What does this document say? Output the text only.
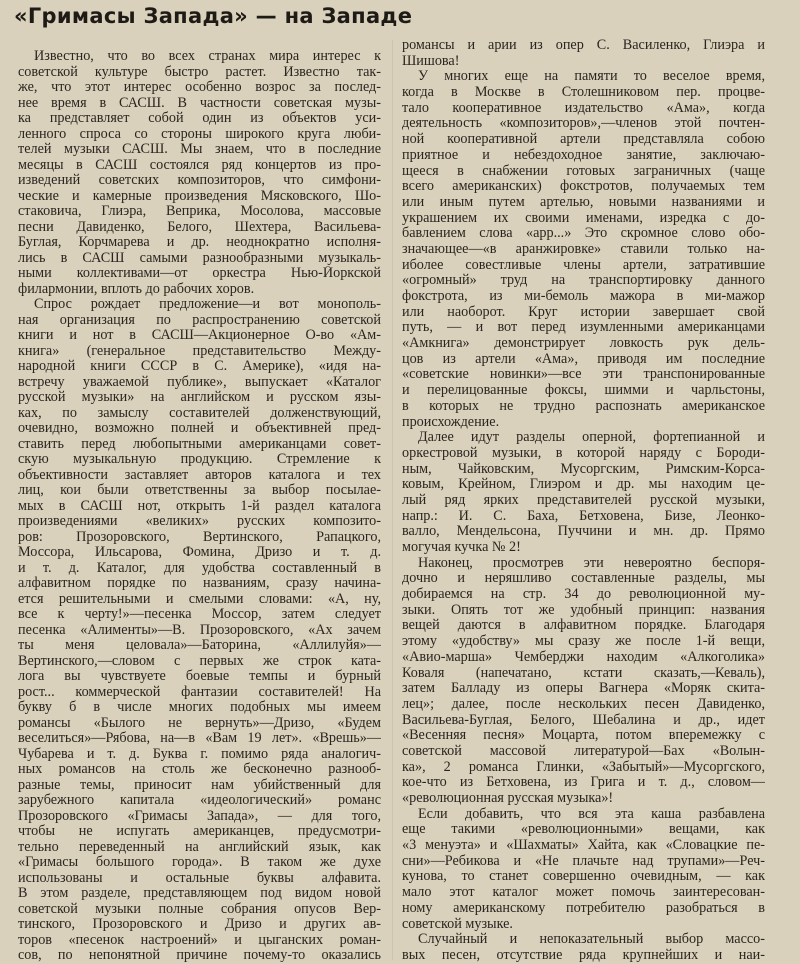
«Гримасы Запада» — на Западе
Известно, что во всех странах мира интерес к
советской культуре быстро растет. Известно так-
же, что этот интерес особенно возрос за послед-
нее время в САСШ. В частности советская музы-
ка представляет собой один из объектов уси-
ленного спроса со стороны широкого круга люби-
телей музыки САСШ. Мы знаем, что в последние
месяцы в САСШ состоялся ряд концертов из про-
изведений советских композиторов, что симфони-
ческие и камерные произведения Мясковского, Шо-
стаковича, Глиэра, Веприка, Мосолова, массовые
песни Давиденко, Белого, Шехтера, Васильева-
Буглая, Корчмарева и др. неоднократно исполня-
лись в САСШ самыми разнообразными музыкаль-
ными коллективами—от оркестра Нью-Йоркской
филармонии, вплоть до рабочих хоров.
Спрос рождает предложение—и вот монополь-
ная организация по распространению советской
книги и нот в САСШ—Акционерное О-во «Ам-
книга» (генеральное представительство Между-
народной книги СССР в С. Америке), «идя на-
встречу уважаемой публике», выпускает «Каталог
русской музыки» на английском и русском язы-
ках, по замыслу составителей долженствующий,
очевидно, возможно полней и объективней пред-
ставить перед любопытными американцами совет-
скую музыкальную продукцию. Стремление к
объективности заставляет авторов каталога и тех
лиц, кои были ответственны за выбор посылае-
мых в САСШ нот, открыть 1-й раздел каталога
произведениями «великих» русских композито-
ров: Прозоровского, Вертинского, Рапацкого,
Моссора, Ильсарова, Фомина, Дризо и т. д.
и т. д. Каталог, для удобства составленный в
алфавитном порядке по названиям, сразу начина-
ется решительными и смелыми словами: «А, ну,
все к черту!»—песенка Моссор, затем следует
песенка «Алименты»—В. Прозоровского, «Ах зачем
ты меня целовала»—Баторина, «Аллилуйя»—
Вертинского,—словом с первых же строк ката-
лога вы чувствуете боевые темпы и бурный
рост... коммерческой фантазии составителей! На
букву б в числе многих подобных мы имеем
романсы «Былого не вернуть»—Дризо, «Будем
веселиться»—Рябова, на—в «Вам 19 лет». «Врешь»—
Чубарева и т. д. Буква г. помимо ряда аналогич-
ных романсов на столь же бесконечно разнооб-
разные темы, приносит нам убийственный для
зарубежного капитала «идеологический» романс
Прозоровского «Гримасы Запада», — для того,
чтобы не испугать американцев, предусмотри-
тельно переведенный на английский язык, как
«Гримасы большого города». В таком же духе
использованы и остальные буквы алфавита.
В этом разделе, представляющем под видом новой
советской музыки полные собрания опусов Вер-
тинского, Прозоровского и Дризо и других ав-
торов «песенок настроений» и цыганских роман-
сов, по непонятной причине почему-то оказались
романсы и арии из опер С. Василенко, Глиэра и
Шишова!
У многих еще на памяти то веселое время,
когда в Москве в Столешниковом пер. процве-
тало кооперативное издательство «Ама», когда
деятельность «композиторов»,—членов этой почтен-
ной кооперативной артели представляла собою
приятное и небездоходное занятие, заключаю-
щееся в снабжении готовых заграничных (чаще
всего американских) фокстротов, получаемых тем
или иным путем артелью, новыми названиями и
украшением их своими именами, изредка с до-
бавлением слова «арр...» Это скромное слово обо-
значающее—«в аранжировке» ставили только на-
иболее совестливые члены артели, затратившие
«огромный» труд на транспортировку данного
фокстрота, из ми-бемоль мажора в ми-мажор
или наоборот. Круг истории завершает свой
путь, — и вот перед изумленными американцами
«Амкнига» демонстрирует ловкость рук дель-
цов из артели «Ама», приводя им последние
«советские новинки»—все эти транспонированные
и перелицованные фоксы, шимми и чарльстоны,
в которых не трудно распознать американское
происхождение.
Далее идут разделы оперной, фортепианной и
оркестровой музыки, в которой наряду с Бороди-
ным, Чайковским, Мусоргским, Римским-Корса-
ковым, Крейном, Глиэром и др. мы находим це-
лый ряд ярких представителей русской музыки,
напр.: И. С. Баха, Бетховена, Бизе, Леонко-
валло, Мендельсона, Пуччини и мн. др. Прямо
могучая кучка № 2!
Наконец, просмотрев эти невероятно беспоря-
дочно и неряшливо составленные разделы, мы
добираемся на стр. 34 до революционной му-
зыки. Опять тот же удобный принцип: названия
вещей даются в алфавитном порядке. Благодаря
этому «удобству» мы сразу же после 1-й вещи,
«Авио-марша» Чемберджи находим «Алкоголика»
Коваля (напечатано, кстати сказать,—Кеваль),
затем Балладу из оперы Вагнера «Моряк скита-
лец»; далее, после нескольких песен Давиденко,
Васильева-Буглая, Белого, Шебалина и др., идет
«Весенняя песня» Моцарта, потом вперемежку с
советской массовой литературой—Бах «Волын-
ка», 2 романса Глинки, «Забытый»—Мусоргского,
кое-что из Бетховена, из Грига и т. д., словом—
«революционная русская музыка»!
Если добавить, что вся эта каша разбавлена
еще такими «революционными» вещами, как
«3 менуэта» и «Шахматы» Хайта, как «Словацкие пе-
сни»—Ребикова и «Не плачьте над трупами»—Реч-
кунова, то станет совершенно очевидным, — как
мало этот каталог может помочь заинтересован-
ному американскому потребителю разобраться в
советской музыке.
Случайный и непоказательный выбор массо-
вых песен, отсутствие ряда крупнейших и наи-
